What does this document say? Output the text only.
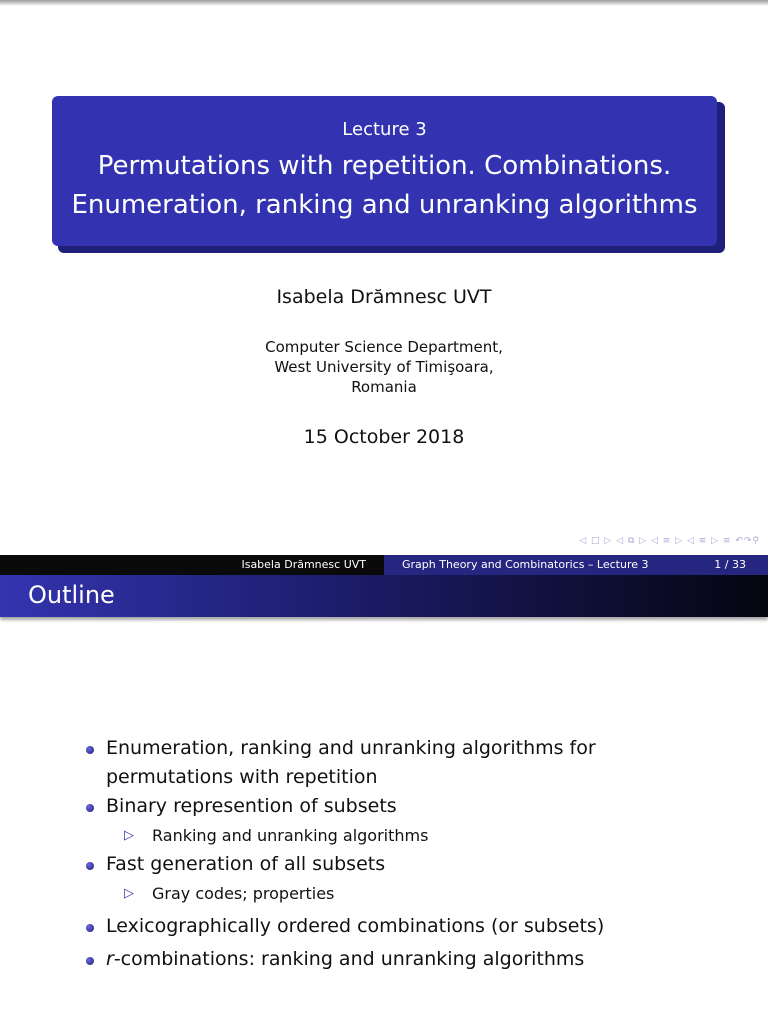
Lecture 3
Permutations with repetition. Combinations.
Enumeration, ranking and unranking algorithms
Isabela Drămnesc UVT
Computer Science Department,
West University of Timişoara,
Romania
15 October 2018
◁ □ ▷ ◁ ⧉ ▷ ◁ ≡ ▷ ◁ ≡ ▷ ≡ ↶↷⚲
Isabela Drămnesc UVT	Graph Theory and Combinatorics – Lecture 3	1 / 33
Outline
Enumeration, ranking and unranking algorithms for
permutations with repetition
Binary represention of subsets
▷ Ranking and unranking algorithms
Fast generation of all subsets
▷ Gray codes; properties
Lexicographically ordered combinations (or subsets)
r-combinations: ranking and unranking algorithms
